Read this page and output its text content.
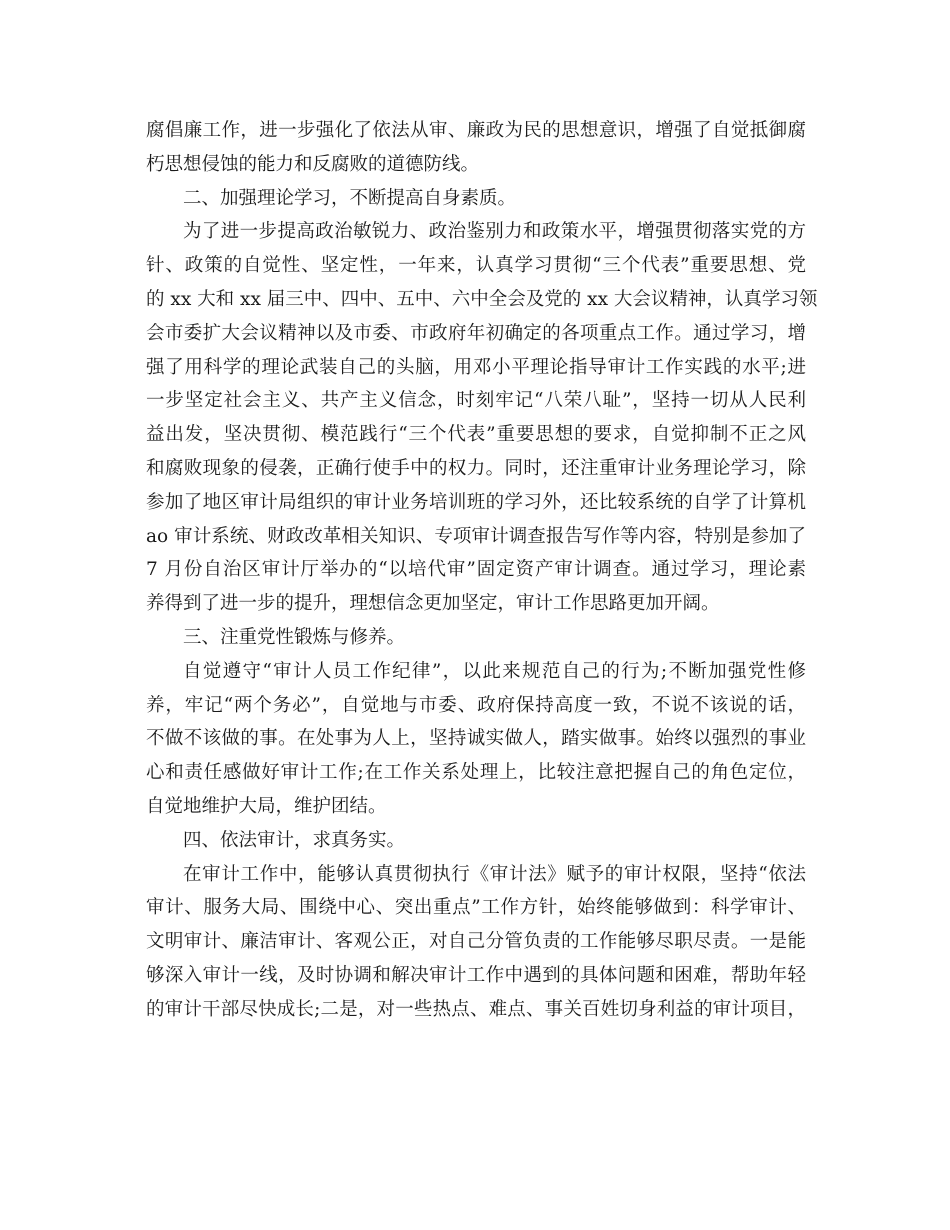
腐倡廉工作，进一步强化了依法从审、廉政为民的思想意识，增强了自觉抵御腐
朽思想侵蚀的能力和反腐败的道德防线。

二、加强理论学习，不断提高自身素质。

为了进一步提高政治敏锐力、政治鉴别力和政策水平，增强贯彻落实党的方
针、政策的自觉性、坚定性，一年来，认真学习贯彻“三个代表”重要思想、党
的 xx 大和 xx 届三中、四中、五中、六中全会及党的 xx 大会议精神，认真学习领
会市委扩大会议精神以及市委、市政府年初确定的各项重点工作。通过学习，增
强了用科学的理论武装自己的头脑，用邓小平理论指导审计工作实践的水平;进
一步坚定社会主义、共产主义信念，时刻牢记“八荣八耻”，坚持一切从人民利
益出发，坚决贯彻、模范践行“三个代表”重要思想的要求，自觉抑制不正之风
和腐败现象的侵袭，正确行使手中的权力。同时，还注重审计业务理论学习，除
参加了地区审计局组织的审计业务培训班的学习外，还比较系统的自学了计算机
ao 审计系统、财政改革相关知识、专项审计调查报告写作等内容，特别是参加了
7 月份自治区审计厅举办的“以培代审”固定资产审计调查。通过学习，理论素
养得到了进一步的提升，理想信念更加坚定，审计工作思路更加开阔。

三、注重党性锻炼与修养。

自觉遵守“审计人员工作纪律”，以此来规范自己的行为;不断加强党性修
养，牢记“两个务必”，自觉地与市委、政府保持高度一致，不说不该说的话，
不做不该做的事。在处事为人上，坚持诚实做人，踏实做事。始终以强烈的事业
心和责任感做好审计工作;在工作关系处理上，比较注意把握自己的角色定位，
自觉地维护大局，维护团结。

四、依法审计，求真务实。

在审计工作中，能够认真贯彻执行《审计法》赋予的审计权限，坚持“依法
审计、服务大局、围绕中心、突出重点”工作方针，始终能够做到：科学审计、
文明审计、廉洁审计、客观公正，对自己分管负责的工作能够尽职尽责。一是能
够深入审计一线，及时协调和解决审计工作中遇到的具体问题和困难，帮助年轻
的审计干部尽快成长;二是，对一些热点、难点、事关百姓切身利益的审计项目，
